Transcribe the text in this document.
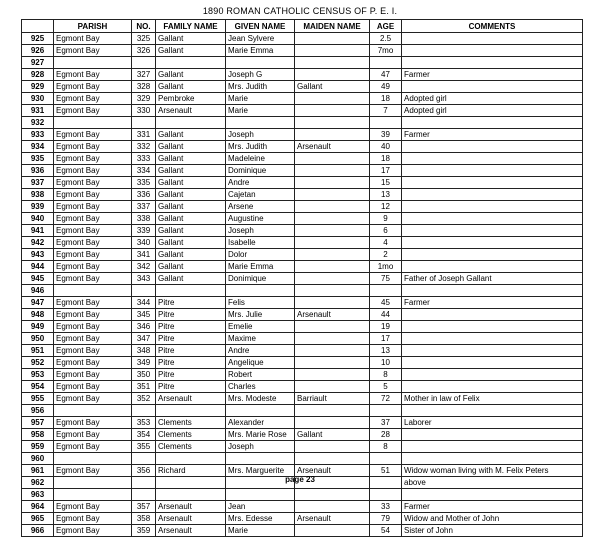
1890 ROMAN CATHOLIC CENSUS OF P. E. I.
	PARISH	NO.	FAMILY NAME	GIVEN NAME	MAIDEN NAME	AGE	COMMENTS
925	Egmont Bay	325	Gallant	Jean Sylvere		2.5	
926	Egmont Bay	326	Gallant	Marie Emma		7mo	
927							
928	Egmont Bay	327	Gallant	Joseph G		47	Farmer
929	Egmont Bay	328	Gallant	Mrs. Judith	Gallant	49	
930	Egmont Bay	329	Pembroke	Marie		18	Adopted girl
931	Egmont Bay	330	Arsenault	Marie		7	Adopted girl
932							
933	Egmont Bay	331	Gallant	Joseph		39	Farmer
934	Egmont Bay	332	Gallant	Mrs. Judith	Arsenault	40	
935	Egmont Bay	333	Gallant	Madeleine		18	
936	Egmont Bay	334	Gallant	Dominique		17	
937	Egmont Bay	335	Gallant	Andre		15	
938	Egmont Bay	336	Gallant	Cajetan		13	
939	Egmont Bay	337	Gallant	Arsene		12	
940	Egmont Bay	338	Gallant	Augustine		9	
941	Egmont Bay	339	Gallant	Joseph		6	
942	Egmont Bay	340	Gallant	Isabelle		4	
943	Egmont Bay	341	Gallant	Dolor		2	
944	Egmont Bay	342	Gallant	Marie Emma		1mo	
945	Egmont Bay	343	Gallant	Donimique		75	Father of Joseph Gallant
946							
947	Egmont Bay	344	Pitre	Felis		45	Farmer
948	Egmont Bay	345	Pitre	Mrs. Julie	Arsenault	44	
949	Egmont Bay	346	Pitre	Emelie		19	
950	Egmont Bay	347	Pitre	Maxime		17	
951	Egmont Bay	348	Pitre	Andre		13	
952	Egmont Bay	349	Pitre	Angelique		10	
953	Egmont Bay	350	Pitre	Robert		8	
954	Egmont Bay	351	Pitre	Charles		5	
955	Egmont Bay	352	Arsenault	Mrs. Modeste	Barriault	72	Mother in law of Felix
956							
957	Egmont Bay	353	Clements	Alexander		37	Laborer
958	Egmont Bay	354	Clements	Mrs. Marie Rose	Gallant	28	
959	Egmont Bay	355	Clements	Joseph		8	
960							
961	Egmont Bay	356	Richard	Mrs. Marguerite	Arsenault	51	Widow woman living with M. Felix Peters
962							above
963							
964	Egmont Bay	357	Arsenault	Jean		33	Farmer
965	Egmont Bay	358	Arsenault	Mrs. Edesse	Arsenault	79	Widow and Mother of John
966	Egmont Bay	359	Arsenault	Marie		54	Sister of John
page 23
